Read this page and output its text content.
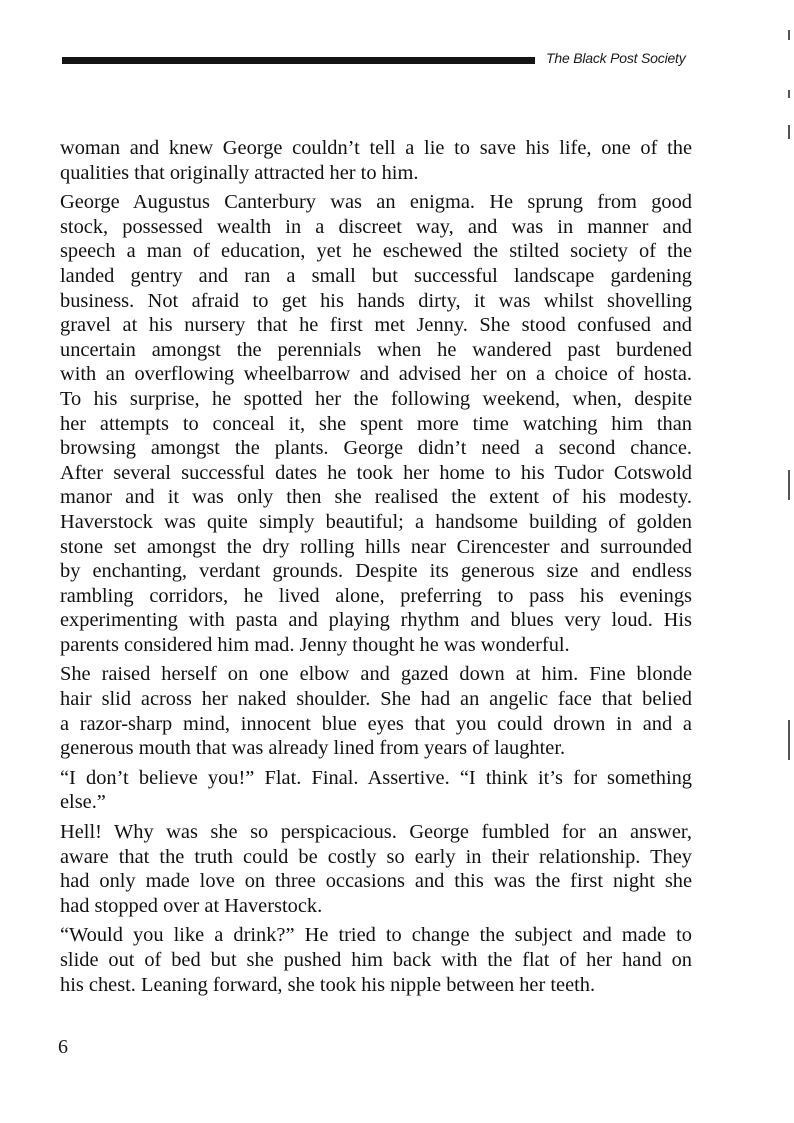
The Black Post Society

woman and knew George couldn’t tell a lie to save his life, one of the
qualities that originally attracted her to him.

George Augustus Canterbury was an enigma. He sprung from good
stock, possessed wealth in a discreet way, and was in manner and
speech a man of education, yet he eschewed the stilted society of the
landed gentry and ran a small but successful landscape gardening
business. Not afraid to get his hands dirty, it was whilst shovelling
gravel at his nursery that he first met Jenny. She stood confused and
uncertain amongst the perennials when he wandered past burdened
with an overflowing wheelbarrow and advised her on a choice of hosta.
To his surprise, he spotted her the following weekend, when, despite
her attempts to conceal it, she spent more time watching him than
browsing amongst the plants. George didn’t need a second chance.
After several successful dates he took her home to his Tudor Cotswold
manor and it was only then she realised the extent of his modesty.
Haverstock was quite simply beautiful; a handsome building of golden
stone set amongst the dry rolling hills near Cirencester and surrounded
by enchanting, verdant grounds. Despite its generous size and endless
rambling corridors, he lived alone, preferring to pass his evenings
experimenting with pasta and playing rhythm and blues very loud. His
parents considered him mad. Jenny thought he was wonderful.

She raised herself on one elbow and gazed down at him. Fine blonde
hair slid across her naked shoulder. She had an angelic face that belied
a razor-sharp mind, innocent blue eyes that you could drown in and a
generous mouth that was already lined from years of laughter.

“I don’t believe you!” Flat. Final. Assertive. “I think it’s for something
else.”

Hell! Why was she so perspicacious. George fumbled for an answer,
aware that the truth could be costly so early in their relationship. They
had only made love on three occasions and this was the first night she
had stopped over at Haverstock.

“Would you like a drink?” He tried to change the subject and made to
slide out of bed but she pushed him back with the flat of her hand on
his chest. Leaning forward, she took his nipple between her teeth.

6
